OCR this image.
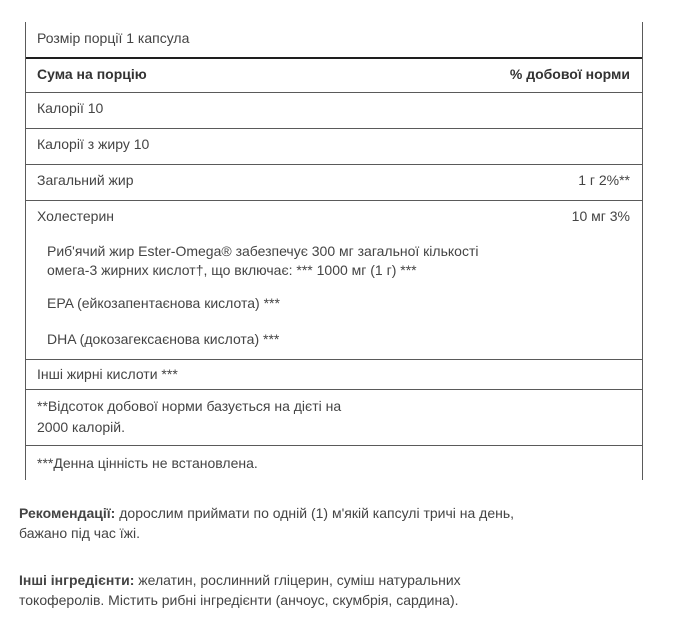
Розмір порції 1 капсула
Сума на порцію	% добової норми
Калорії 10
Калорії з жиру 10
Загальний жир	1 г 2%**
Холестерин	10 мг 3%
Риб'ячий жир Ester-Omega® забезпечує 300 мг загальної кількості
омега-3 жирних кислот†, що включає: *** 1000 мг (1 г) ***
EPA (ейкозапентаєнова кислота) ***
DHA (докозагексаєнова кислота) ***
Інші жирні кислоти ***
**Відсоток добової норми базується на дієті на
2000 калорій.
***Денна цінність не встановлена.
Рекомендації: дорослим приймати по одній (1) м'якій капсулі тричі на день,
бажано під час їжі.
Інші інгредієнти: желатин, рослинний гліцерин, суміш натуральних
токоферолів. Містить рибні інгредієнти (анчоус, скумбрія, сардина).
